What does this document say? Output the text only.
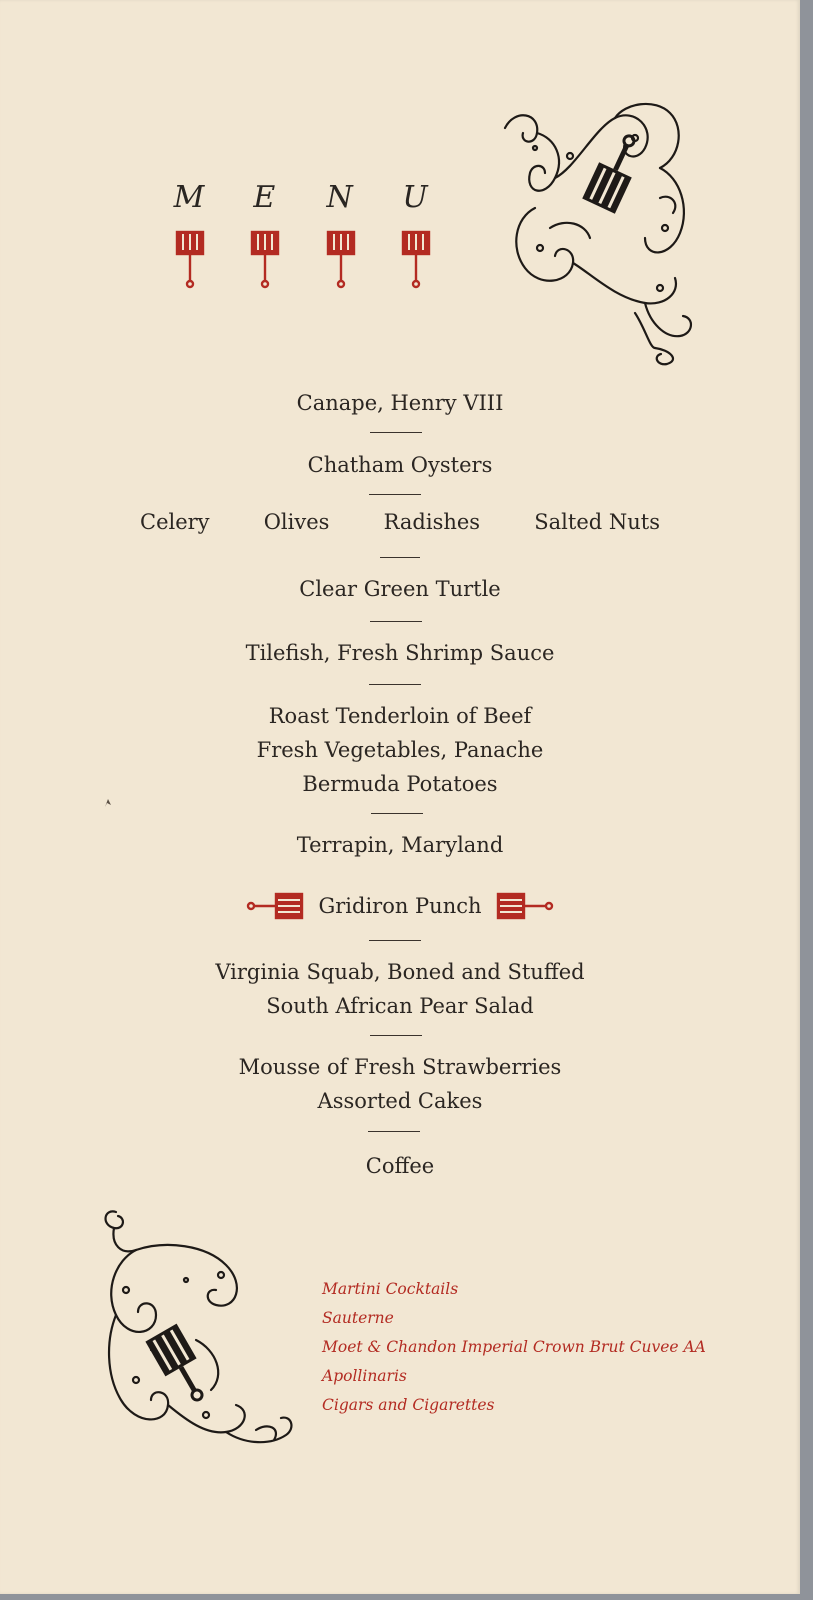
M	E	N U
Canape, Henry VIII
Chatham Oysters
Celery	Olives	Radishes	Salted Nuts
Clear Green Turtle
Tilefish, Fresh Shrimp Sauce
Roast Tenderloin of Beef
Fresh Vegetables, Panache
Bermuda Potatoes
Terrapin, Maryland
Gridiron Punch
Virginia Squab, Boned and Stuffed
South African Pear Salad
Mousse of Fresh Strawberries
Assorted Cakes
Coffee
Martini Cocktails
Sauterne
Moet & Chandon Imperial Crown Brut Cuvee AA
Apollinaris
Cigars and Cigarettes
